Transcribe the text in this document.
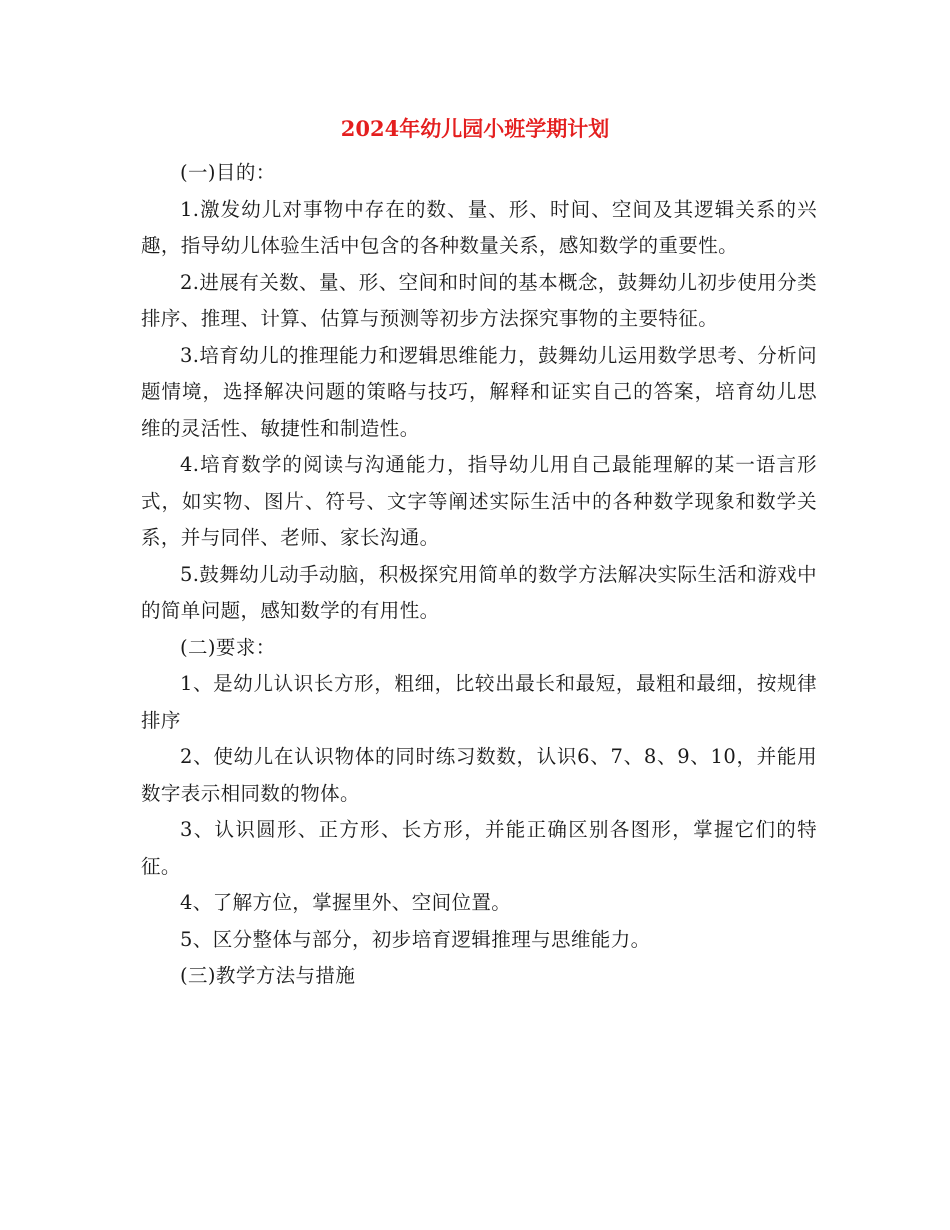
2024年幼儿园小班学期计划

(一)目的：

1.激发幼儿对事物中存在的数、量、形、时间、空间及其逻辑关系的兴趣，指导幼儿体验生活中包含的各种数量关系，感知数学的重要性。

2.进展有关数、量、形、空间和时间的基本概念，鼓舞幼儿初步使用分类排序、推理、计算、估算与预测等初步方法探究事物的主要特征。

3.培育幼儿的推理能力和逻辑思维能力，鼓舞幼儿运用数学思考、分析问题情境，选择解决问题的策略与技巧，解释和证实自己的答案，培育幼儿思维的灵活性、敏捷性和制造性。

4.培育数学的阅读与沟通能力，指导幼儿用自己最能理解的某一语言形式，如实物、图片、符号、文字等阐述实际生活中的各种数学现象和数学关系，并与同伴、老师、家长沟通。

5.鼓舞幼儿动手动脑，积极探究用简单的数学方法解决实际生活和游戏中的简单问题，感知数学的有用性。

(二)要求：

1、是幼儿认识长方形，粗细，比较出最长和最短，最粗和最细，按规律排序

2、使幼儿在认识物体的同时练习数数，认识6、7、8、9、10，并能用数字表示相同数的物体。

3、认识圆形、正方形、长方形，并能正确区别各图形，掌握它们的特征。

4、了解方位，掌握里外、空间位置。

5、区分整体与部分，初步培育逻辑推理与思维能力。

(三)教学方法与措施
